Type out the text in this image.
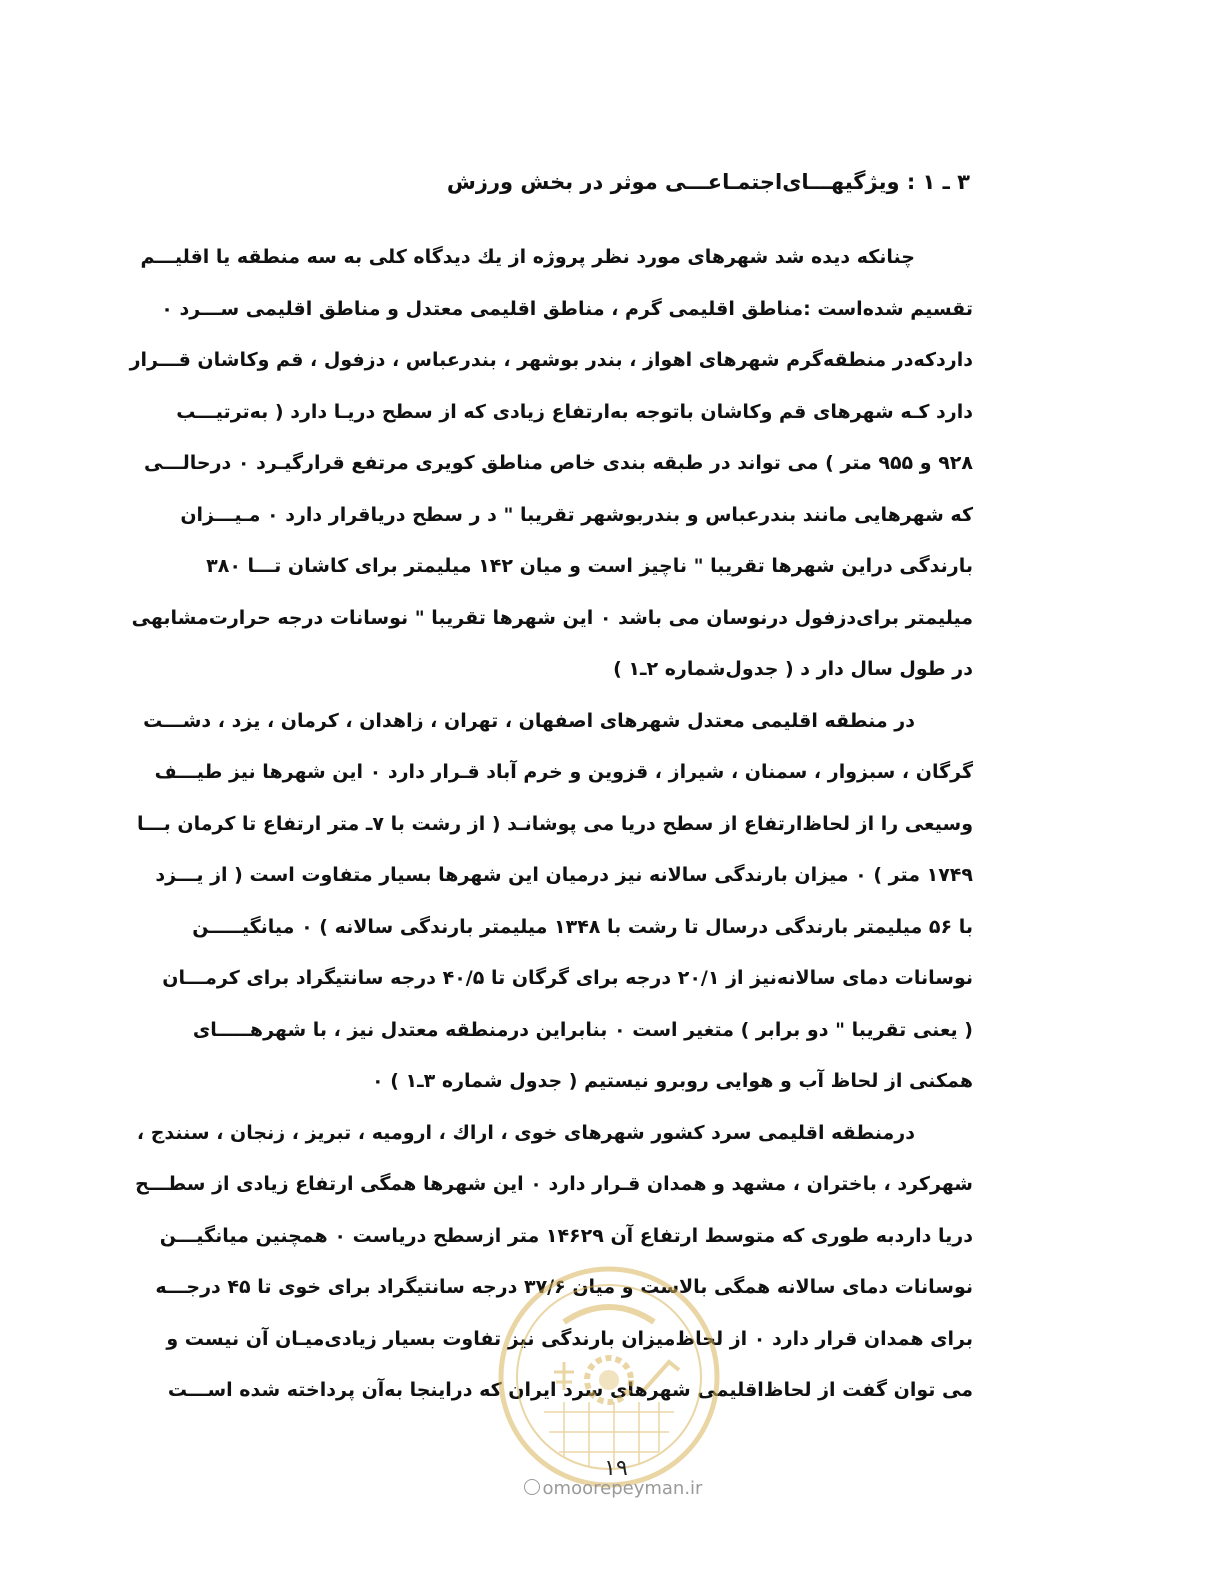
۳ ـ ۱ : ویژگیهـــای‌اجتمـاعـــی موثر در بخش ورزش
چنانکه دیده شد شهرهای مورد نظر پروژه از یك دیدگاه كلی به سه منطقه یا اقلیـــم
تقسیم شده‌است :مناطق اقلیمی گرم ، مناطق اقلیمی معتدل و مناطق اقلیمی ســـرد ۰
داردکه‌در منطقه‌گرم شهرهای اهواز ، بندر بوشهر ، بندرعباس ، دزفول ، قم وكاشان قـــرار
دارد كـه شهرهای قم وكاشان باتوجه به‌ارتفاع زیادی كه از سطح دریـا دارد ( به‌ترتیـــب
۹۲۸ و ۹۵۵ متر ) می تواند در طبقه بندی خاص مناطق كویری مرتفع قرارگیـرد ۰ درحالـــی
كه شهرهایی مانند بندرعباس و بندربوشهر تقریبا " د ر سطح دریاقرار دارد ۰ مـیـــزان
بارندگی دراین شهرها تقریبا " ناچیز است و میان ۱۴۲ میلیمتر برای كاشان تـــا ۳۸۰
میلیمتر برای‌دزفول درنوسان می باشد ۰ این شهرها تقریبا " نوسانات درجه حرارت‌مشابهی
در طول سال دار د ( جدول‌شماره ۲ـ۱ )
در منطقه اقلیمی معتدل شهرهای اصفهان ، تهران ، زاهدان ، كرمان ، یزد ، دشـــت
گرگان ، سبزوار ، سمنان ، شیراز ، قزوین و خرم آباد قـرار دارد ۰ این شهرها نیز طیـــف
وسیعی را از لحاظ‌ارتفاع از سطح دریا می پوشانـد ( از رشت با ۷ـ متر ارتفاع تا كرمان بـــا
۱۷۴۹ متر ) ۰ میزان بارندگی سالانه نیز درمیان این شهرها بسیار متفاوت است ( از یـــزد
با ۵۶ میلیمتر بارندگی درسال تا رشت با ۱۳۴۸ میلیمتر بارندگی سالانه ) ۰ میانگیـــــن
نوسانات دمای سالانه‌نیز از ۲۰/۱ درجه برای گرگان تا ۴۰/۵ درجه سانتیگراد برای كرمـــان
( یعنی تقریبا " دو برابر ) متغیر است ۰ بنابراین درمنطقه معتدل نیز ، با شهرهـــــای
همكنی از لحاظ آب و هوایی روبرو نیستیم ( جدول شماره ۳ـ۱ ) ۰
درمنطقه اقلیمی سرد كشور شهرهای خوی ، اراك ، ارومیه ، تبریز ، زنجان ، سنندج ،
شهركرد ، باختران ، مشهد و همدان قـرار دارد ۰ این شهرها همگی ارتفاع زیادی از سطـــح
دریا دارد‌به طوری كه متوسط ارتفاع آن ۱۴۶۲۹ متر ازسطح دریاست ۰ همچنین میانگیـــن
نوسانات دمای سالانه همگی بالاست و میان ۳۷/۶ درجه سانتیگراد برای خوی تا ۴۵ درجـــه
برای همدان قرار دارد ۰ از لحاظ‌میزان بارندگی نیز تفاوت بسیار زیادی‌میـان آن نیست و
می توان گفت از لحاظ‌اقلیمی شهرهای سرد ایران كه دراینجا به‌آن پرداخته شده اســـت
۱۹
omoorepeyman.ir
